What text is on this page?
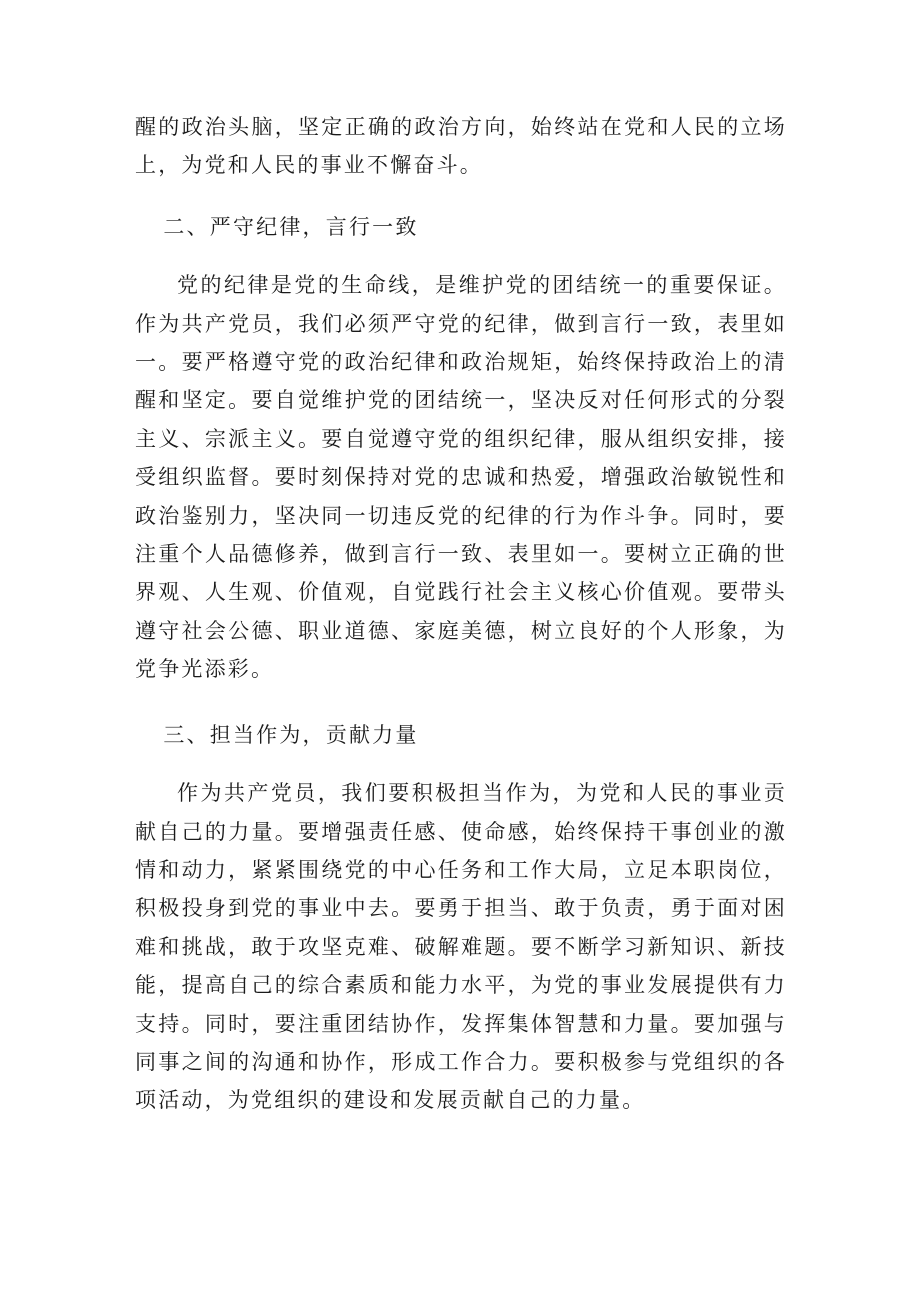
醒的政治头脑，坚定正确的政治方向，始终站在党和人民的立场上，为党和人民的事业不懈奋斗。

二、严守纪律，言行一致

党的纪律是党的生命线，是维护党的团结统一的重要保证。作为共产党员，我们必须严守党的纪律，做到言行一致，表里如一。要严格遵守党的政治纪律和政治规矩，始终保持政治上的清醒和坚定。要自觉维护党的团结统一，坚决反对任何形式的分裂主义、宗派主义。要自觉遵守党的组织纪律，服从组织安排，接受组织监督。要时刻保持对党的忠诚和热爱，增强政治敏锐性和政治鉴别力，坚决同一切违反党的纪律的行为作斗争。同时，要注重个人品德修养，做到言行一致、表里如一。要树立正确的世界观、人生观、价值观，自觉践行社会主义核心价值观。要带头遵守社会公德、职业道德、家庭美德，树立良好的个人形象，为党争光添彩。

三、担当作为，贡献力量

作为共产党员，我们要积极担当作为，为党和人民的事业贡献自己的力量。要增强责任感、使命感，始终保持干事创业的激情和动力，紧紧围绕党的中心任务和工作大局，立足本职岗位，积极投身到党的事业中去。要勇于担当、敢于负责，勇于面对困难和挑战，敢于攻坚克难、破解难题。要不断学习新知识、新技能，提高自己的综合素质和能力水平，为党的事业发展提供有力支持。同时，要注重团结协作，发挥集体智慧和力量。要加强与同事之间的沟通和协作，形成工作合力。要积极参与党组织的各项活动，为党组织的建设和发展贡献自己的力量。
